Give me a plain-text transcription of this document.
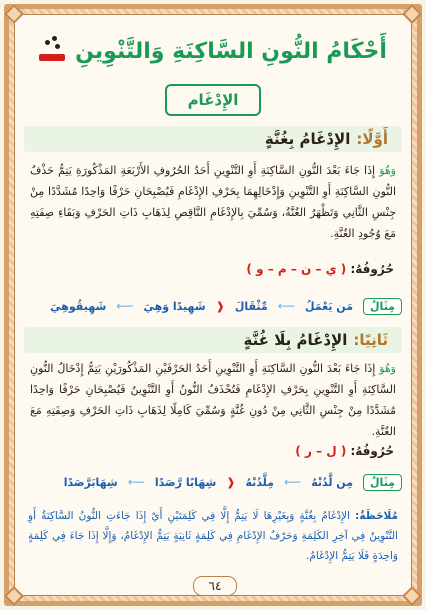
أَحْكَامُ النُّونِ السَّاكِنَةِ وَالتَّنْوِينِ
الإِدْغَام
أَوَّلًا:
الإِدْغَامُ بِغُنَّةٍ
وَهُوَ إِذَا جَاءَ بَعْدَ النُّونِ السَّاكِنَةِ أَوِ التَّنْوِينِ أَحَدُ الحُرُوفِ الأَرْبَعَةِ المَذْكُورَةِ يَتِمُّ حَذْفُ النُّونِ السَّاكِنَةِ أَوِ التَّنْوِينِ وَإِدْخَالِهِمَا بِحَرْفِ الإِدْغَامِ فَيُصْبِحَانِ حَرْفًا وَاحِدًا مُشَدَّدًا مِنْ جِنْسِ الثَّانِي وَتَظْهَرُ الغُنَّةُ، وَسُمِّيَ بِالإِدْغَامِ النَّاقِصِ لِذَهَابِ ذَاتِ الحَرْفِ وَبَقَاءِ صِفَتِهِ مَعَ وُجُودِ الغُنَّةِ.
حُرُوفُهُ: ( ي – ن – م – و )
مِثَالٌ
مَن يَعْمَلُ
⟵
مِّثْقَالَ
❰
شَهِيدًا وَهِيَ
⟵
شَهِيقُوهِيَ
ثَانِيًا:
الإِدْغَامُ بِلَا غُنَّةٍ
وَهُوَ إِذَا جَاءَ بَعْدَ النُّونِ السَّاكِنَةِ أَوِ التَّنْوِينِ أَحَدُ الحَرْفَيْنِ المَذْكُورَيْنِ يَتِمُّ إِدْخَالُ النُّونِ السَّاكِنَةِ أَوِ التَّنْوِينِ بِحَرْفِ الإِدْغَامِ فَتُحْذَفُ النُّونُ أَوِ التَّنْوِينُ فَيُصْبِحَانِ حَرْفًا وَاحِدًا مُشَدَّدًا مِنْ جِنْسِ الثَّانِي مِنْ دُونِ غُنَّةٍ وَسُمِّيَ كَامِلًا لِذَهَابِ ذَاتِ الحَرْفِ وَصِفَتِهِ مَعَ الغُنَّةِ.
حُرُوفُهُ: ( ل – ر )
مِثَالٌ
مِن لَّدُنْهُ
⟵
مِلَّدُنْهُ
❰
شِهَابًا رَّصَدًا
⟵
شِهَابَرَّصَدًا
مُلَاحَظَةٌ: الإِدْغَامُ بِغُنَّةٍ وَبِغَيْرِهَا لَا يَتِمُّ إِلَّا فِي كَلِمَتَيْنِ أَيْ إِذَا جَاءَتِ النُّونُ السَّاكِنَةُ أَوِ التَّنْوِينُ فِي آخِرِ الكَلِمَةِ وَحَرْفُ الإِدْغَامِ فِي كَلِمَةٍ ثَانِيَةٍ يَتِمُّ الإِدْغَامُ، وَإِلَّا إِذَا جَاءَ فِي كَلِمَةٍ وَاحِدَةٍ فَلَا يَتِمُّ الإِدْغَامُ.
٦٤
